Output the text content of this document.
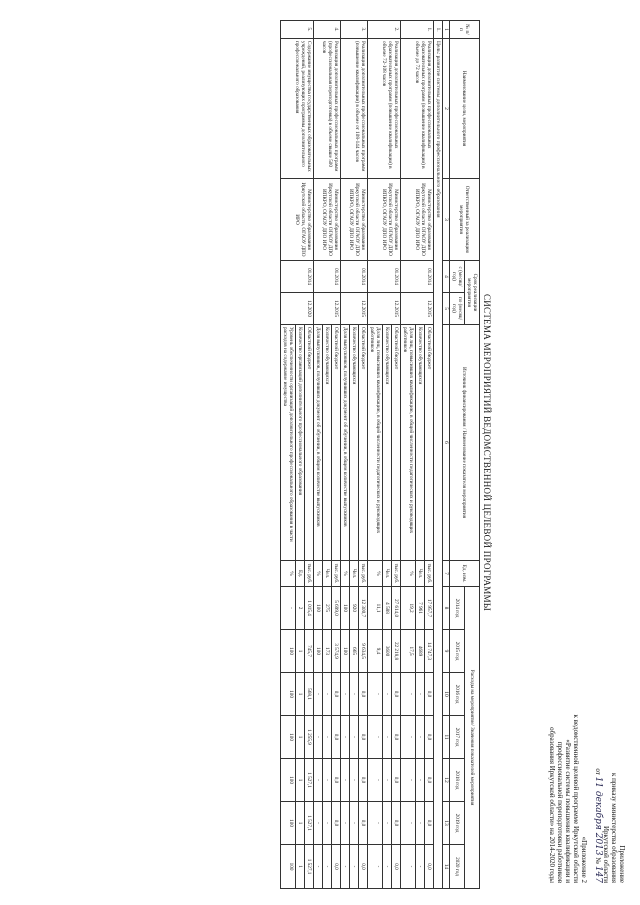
Приложение
к приказу министерства образования
Иркутской области
от 11 декабря 2013 № 147
«Приложение 2
к ведомственной целевой программе Иркутской области
«Развитие системы повышения квалификации и
профессиональной переподготовки работников
образования Иркутской области» на 2014-2020 годы
СИСТЕМА МЕРОПРИЯТИЙ ВЕДОМСТВЕННОЙ ЦЕЛЕВОЙ ПРОГРАММЫ
№ п/п	Наименование цели, мероприятия	Ответственный за реализацию мероприятия	Срок реализации мероприятия		Источник финансирования / Наименование показателя мероприятия	Ед. изм.	Расходы на мероприятие/ Значения показателей мероприятия						
			с (месяц/ год)	по (месяц/ год)			2014 год	2015 год	2016 год	2017 год	2018 год	2019 год	2020 год
1	2	3	4	5	6	7	8	9	10	11	12	13	14
1.	Цель: развитие системы дополнительного профессионального образования												
1.	Реализация дополнительных профессиональных образовательных программ (повышение квалификации) в объеме до 72 часов	Министерство образования Иркутской области ОГАОУ ДПО ИПКРО, ОГАОУ ДПО ИРО	01.2014	12.2015	Областной бюджет	тыс. руб.	17 957,7	14 747,3	0,0	0,0	0,0	0,0	0,0
					Количество обучающихся	Чел.	7 961	4689	-	-	-	-	-
					Доля лиц, повысивших квалификацию, в общей численности педагогических и руководящих работников	%	19,2	17,5	-	-	-	-	-
2.	Реализация дополнительных профессиональных образовательных программ (повышение квалификации) в объеме 72-108 часов	Министерство образования Иркутской области ОГАОУ ДПО ИПКРО, ОГАОУ ДПО ИРО	01.2014	12.2015	Областной бюджет	тыс. руб.	27 614,0	22 218,8	0,0	0,0	0,0	0,0	0,0
					Количество обучающихся	Чел.	4 588	3600	-	-	-	-	-
					Доля лиц, повысивших квалификацию, в общей численности педагогических и руководящих работников	%	11,1	9,4	-	-	-	-	-
3.	Реализация дополнительных профессиональных программ (повышение квалификации) в объеме от 108-144 часов	Министерство образования Иркутской области ОГАОУ ДПО ИПКРО, ОГАОУ ДПО ИРО	01.2014	12.2015	Областной бюджет	тыс. руб.	12 300,7	9 634,5	0,0	0,0	0,0	0,0	0,0
					Количество обучающихся	Чел.	920	665	-	-	-	-	-
					Доля выпускников, получивших документ об обучении, в общем количестве выпускников	%	100	100	-	-	-	-	-
4.	Реализация дополнительных профессиональных программ (профессиональная переподготовка) в объеме свыше 500 часов	Министерство образования Иркутской области ОГАОУ ДПО ИПКРО, ОГАОУ ДПО ИРО	01.2014	12.2015	Областной бюджет	тыс. руб.	5 699,0	3 574,9	0,0	0,0	0,0	0,0	0,0
					Количество обучающихся	Чел.	275	173	-	-	-	-	-
					Доля выпускников, получивших документ об обучении, в общем количестве выпускников	%	100	100	-	-	-	-	-
5.	Содержание имущества государственных образовательных учреждений, реализующих программы дополнительного профессионального образования	Министерство образования Иркутской области, ОГАОУ ДПО ИРО	01.2014	12.2020	Областной бюджет	тыс. руб.	1 015,4	745,7	568,1	1 255,9	1 527,1	1 527,1	1 527,1
					Количество организаций дополнительного профессионального образования	Ед.	2	1	1	1	1	1	1
					Уровень обеспеченности организаций дополнительного профессионального образования в части расходов на содержание имущества	%	-	100	100	100	100	100	100
